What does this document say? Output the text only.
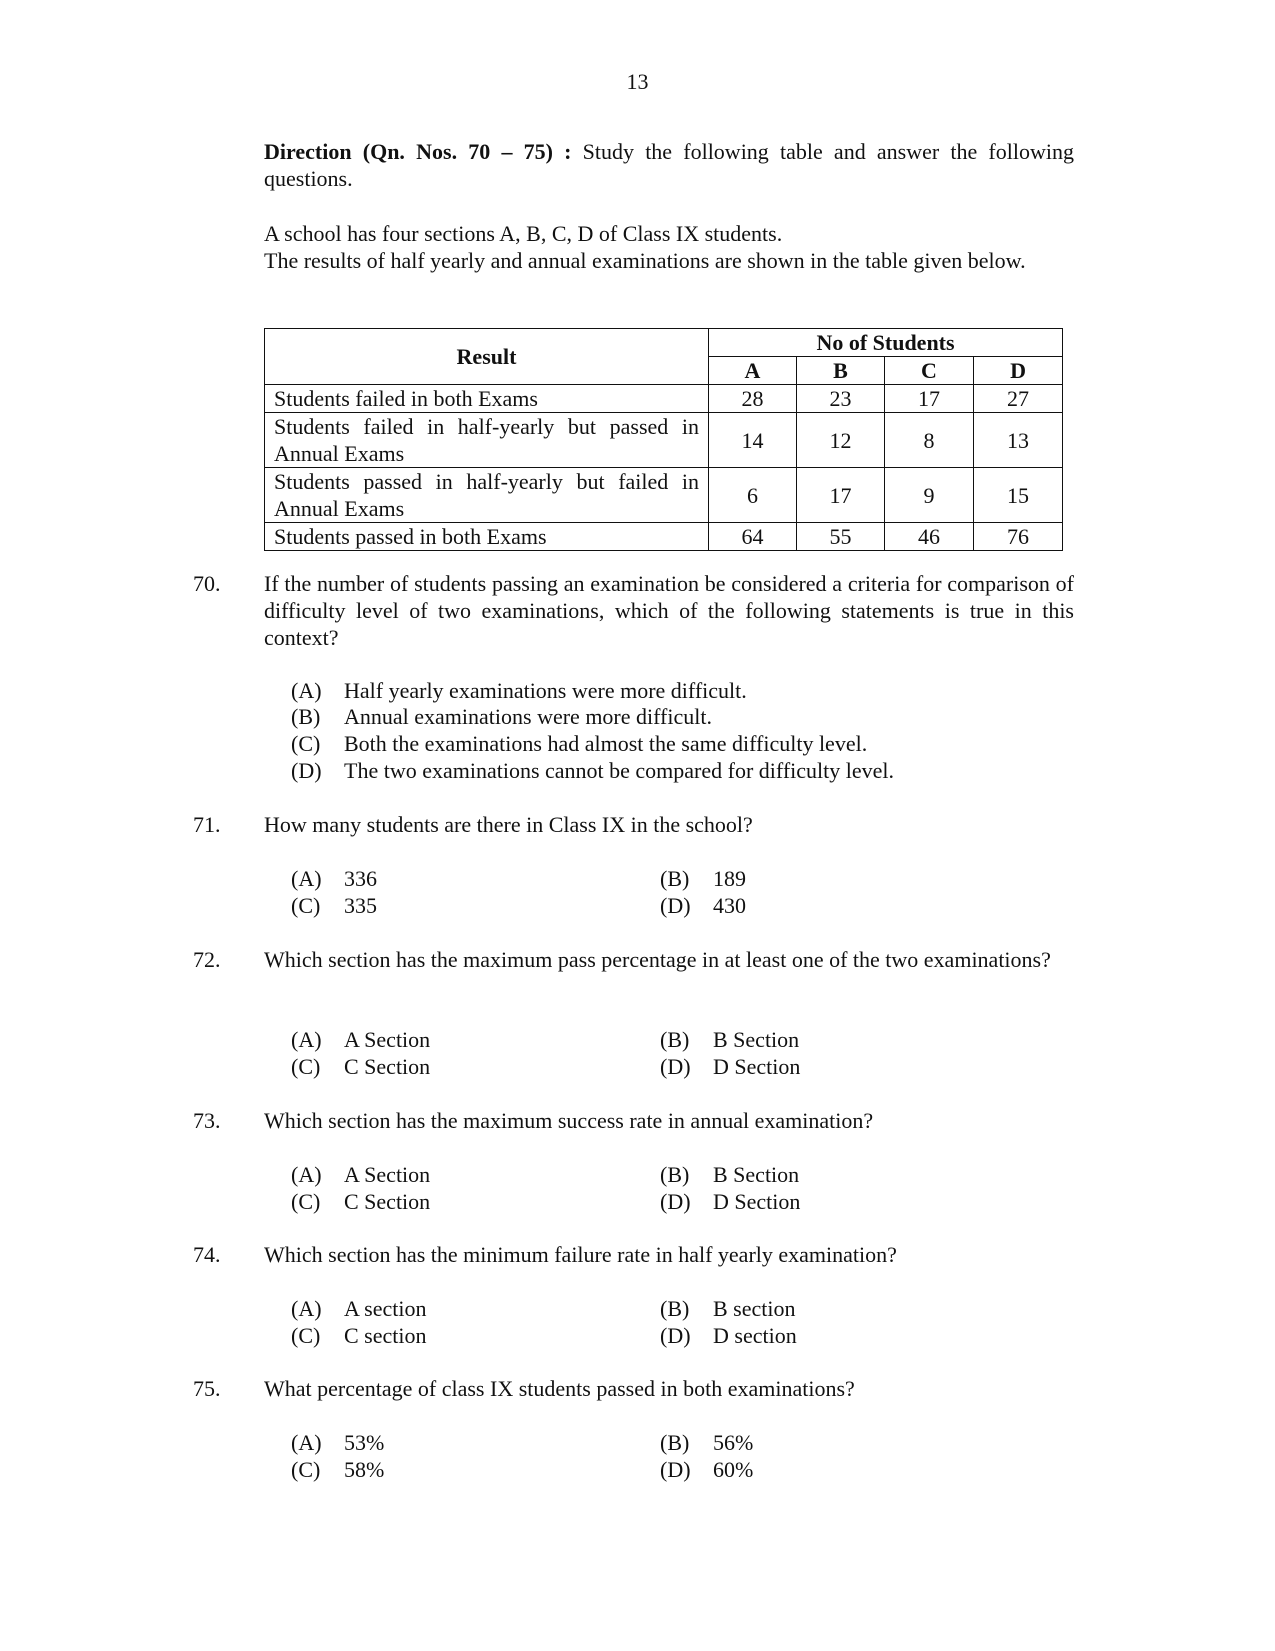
13
Direction (Qn. Nos. 70 – 75) : Study the following table and answer the following questions.
A school has four sections A, B, C, D of Class IX students.
The results of half yearly and annual examinations are shown in the table given below.
Result	No of Students			
	A	B	C	D
Students failed in both Exams	28	23	17	27
Students failed in half-yearly but passed in Annual Exams	14	12	8	13
Students passed in half-yearly but failed in Annual Exams	6	17	9	15
Students passed in both Exams	64	55	46	76
70. If the number of students passing an examination be considered a criteria for comparison of difficulty level of two examinations, which of the following statements is true in this context?
(A) Half yearly examinations were more difficult.
(B) Annual examinations were more difficult.
(C) Both the examinations had almost the same difficulty level.
(D) The two examinations cannot be compared for difficulty level.
71. How many students are there in Class IX in the school?
(A) 336	(B) 189
(C) 335	(D) 430
72. Which section has the maximum pass percentage in at least one of the two examinations?
(A) A Section	(B) B Section
(C) C Section	(D) D Section
73. Which section has the maximum success rate in annual examination?
(A) A Section	(B) B Section
(C) C Section	(D) D Section
74. Which section has the minimum failure rate in half yearly examination?
(A) A section	(B) B section
(C) C section	(D) D section
75. What percentage of class IX students passed in both examinations?
(A) 53%	(B) 56%
(C) 58%	(D) 60%
